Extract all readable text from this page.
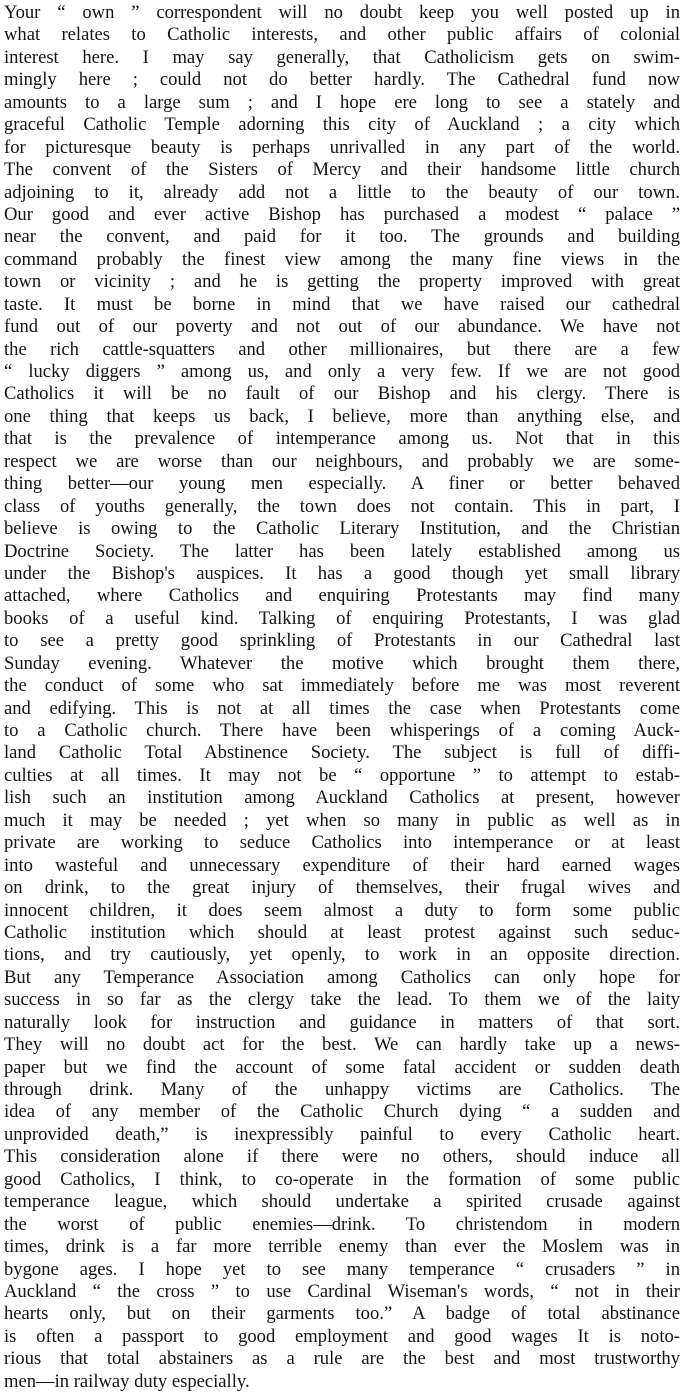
Your “ own ” correspondent will no doubt keep you well posted up in
what relates to Catholic interests, and other public affairs of colonial
interest here. I may say generally, that Catholicism gets on swim-
mingly here ; could not do better hardly. The Cathedral fund now
amounts to a large sum ; and I hope ere long to see a stately and
graceful Catholic Temple adorning this city of Auckland ; a city which
for picturesque beauty is perhaps unrivalled in any part of the world.
The convent of the Sisters of Mercy and their handsome little church
adjoining to it, already add not a little to the beauty of our town.
Our good and ever active Bishop has purchased a modest “ palace ”
near the convent, and paid for it too. The grounds and building
command probably the finest view among the many fine views in the
town or vicinity ; and he is getting the property improved with great
taste. It must be borne in mind that we have raised our cathedral
fund out of our poverty and not out of our abundance. We have not
the rich cattle-squatters and other millionaires, but there are a few
“ lucky diggers ” among us, and only a very few. If we are not good
Catholics it will be no fault of our Bishop and his clergy. There is
one thing that keeps us back, I believe, more than anything else, and
that is the prevalence of intemperance among us. Not that in this
respect we are worse than our neighbours, and probably we are some-
thing better—our young men especially. A finer or better behaved
class of youths generally, the town does not contain. This in part, I
believe is owing to the Catholic Literary Institution, and the Christian
Doctrine Society. The latter has been lately established among us
under the Bishop's auspices. It has a good though yet small library
attached, where Catholics and enquiring Protestants may find many
books of a useful kind. Talking of enquiring Protestants, I was glad
to see a pretty good sprinkling of Protestants in our Cathedral last
Sunday evening. Whatever the motive which brought them there,
the conduct of some who sat immediately before me was most reverent
and edifying. This is not at all times the case when Protestants come
to a Catholic church. There have been whisperings of a coming Auck-
land Catholic Total Abstinence Society. The subject is full of diffi-
culties at all times. It may not be “ opportune ” to attempt to estab-
lish such an institution among Auckland Catholics at present, however
much it may be needed ; yet when so many in public as well as in
private are working to seduce Catholics into intemperance or at least
into wasteful and unnecessary expenditure of their hard earned wages
on drink, to the great injury of themselves, their frugal wives and
innocent children, it does seem almost a duty to form some public
Catholic institution which should at least protest against such seduc-
tions, and try cautiously, yet openly, to work in an opposite direction.
But any Temperance Association among Catholics can only hope for
success in so far as the clergy take the lead. To them we of the laity
naturally look for instruction and guidance in matters of that sort.
They will no doubt act for the best. We can hardly take up a news-
paper but we find the account of some fatal accident or sudden death
through drink. Many of the unhappy victims are Catholics. The
idea of any member of the Catholic Church dying “ a sudden and
unprovided death,” is inexpressibly painful to every Catholic heart.
This consideration alone if there were no others, should induce all
good Catholics, I think, to co-operate in the formation of some public
temperance league, which should undertake a spirited crusade against
the worst of public enemies—drink. To christendom in modern
times, drink is a far more terrible enemy than ever the Moslem was in
bygone ages. I hope yet to see many temperance “ crusaders ” in
Auckland “ the cross ” to use Cardinal Wiseman's words, “ not in their
hearts only, but on their garments too.” A badge of total abstinance
is often a passport to good employment and good wages It is noto-
rious that total abstainers as a rule are the best and most trustworthy
men—in railway duty especially.
